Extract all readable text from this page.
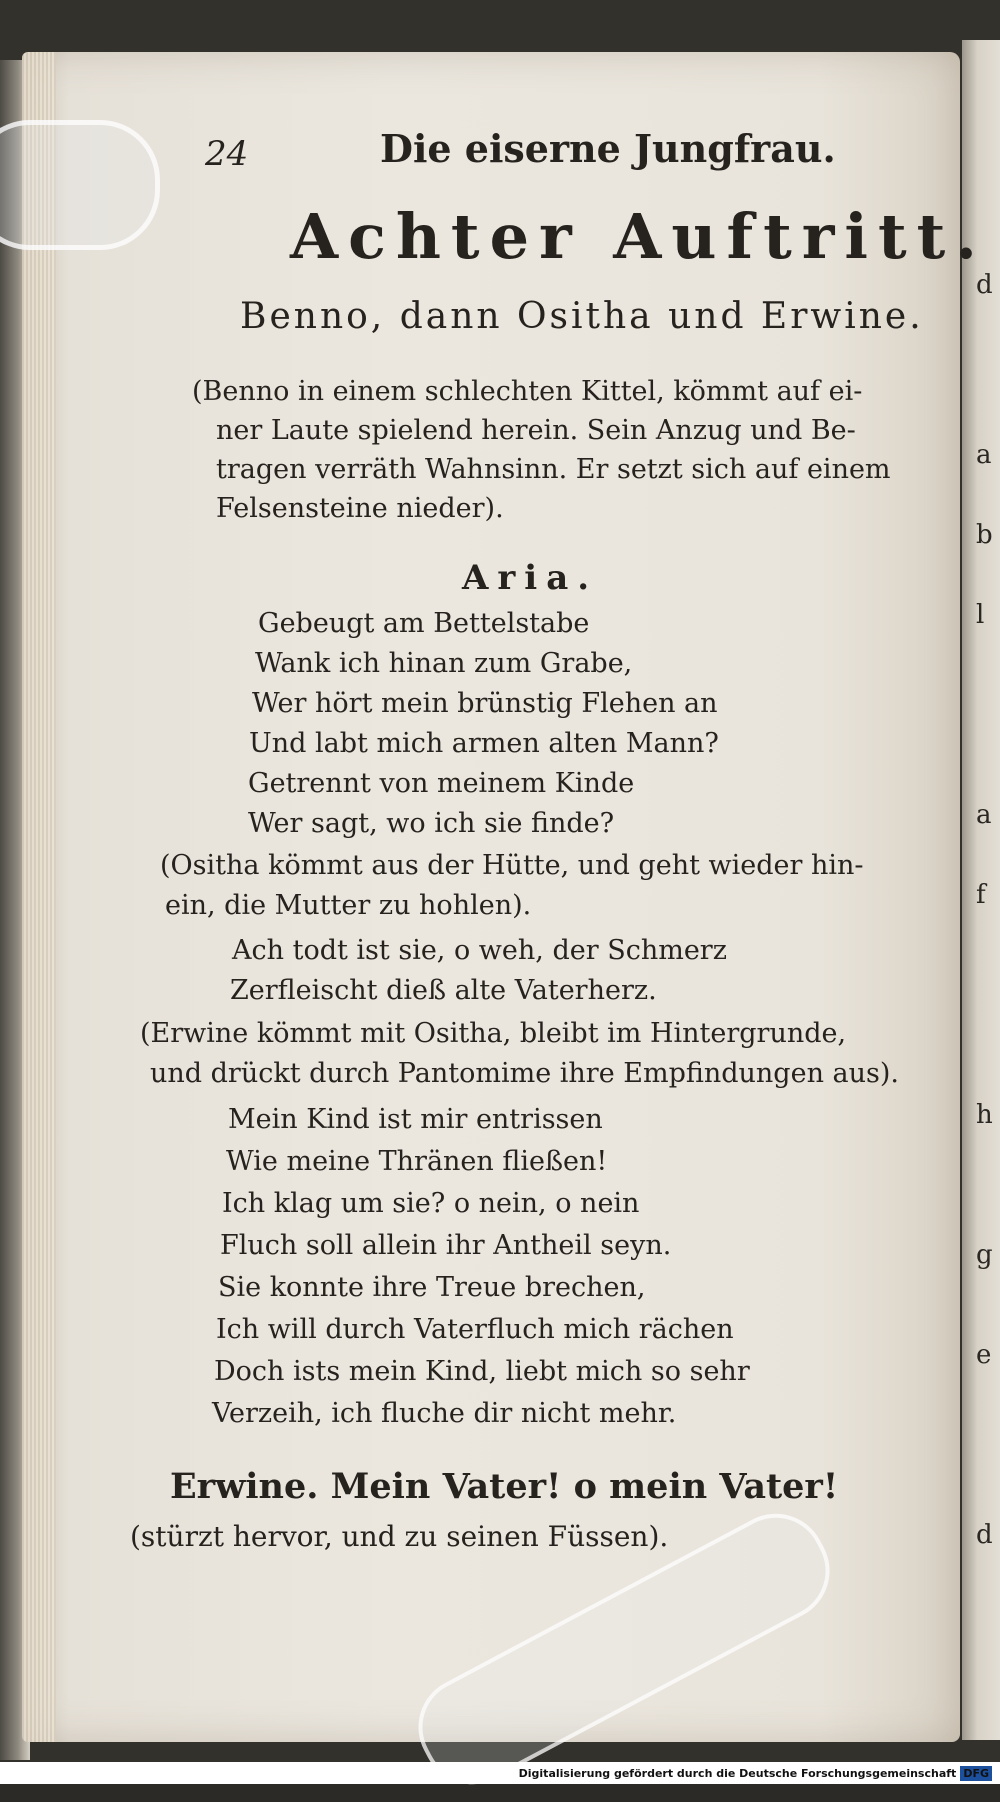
d
a
b
l
a
f
h
g
e
d
24	Die eiserne Jungfrau.
Achter Auftritt.
Benno, dann Ositha und Erwine.
(Benno in einem schlechten Kittel, kömmt auf ei-
ner Laute spielend herein. Sein Anzug und Be-
tragen verräth Wahnsinn. Er setzt sich auf einem
Felsensteine nieder).
Aria.
Gebeugt am Bettelstabe
Wank ich hinan zum Grabe,
Wer hört mein brünstig Flehen an
Und labt mich armen alten Mann?
Getrennt von meinem Kinde
Wer sagt, wo ich sie finde?
(Ositha kömmt aus der Hütte, und geht wieder hin-
ein, die Mutter zu hohlen).
Ach todt ist sie, o weh, der Schmerz
Zerfleischt dieß alte Vaterherz.
(Erwine kömmt mit Ositha, bleibt im Hintergrunde,
und drückt durch Pantomime ihre Empfindungen aus).
Mein Kind ist mir entrissen
Wie meine Thränen fließen!
Ich klag um sie? o nein, o nein
Fluch soll allein ihr Antheil seyn.
Sie konnte ihre Treue brechen,
Ich will durch Vaterfluch mich rächen
Doch ists mein Kind, liebt mich so sehr
Verzeih, ich fluche dir nicht mehr.
Erwine. Mein Vater! o mein Vater!
(stürzt hervor, und zu seinen Füssen).
Digitalisierung gefördert durch die Deutsche Forschungsgemeinschaft DFG
